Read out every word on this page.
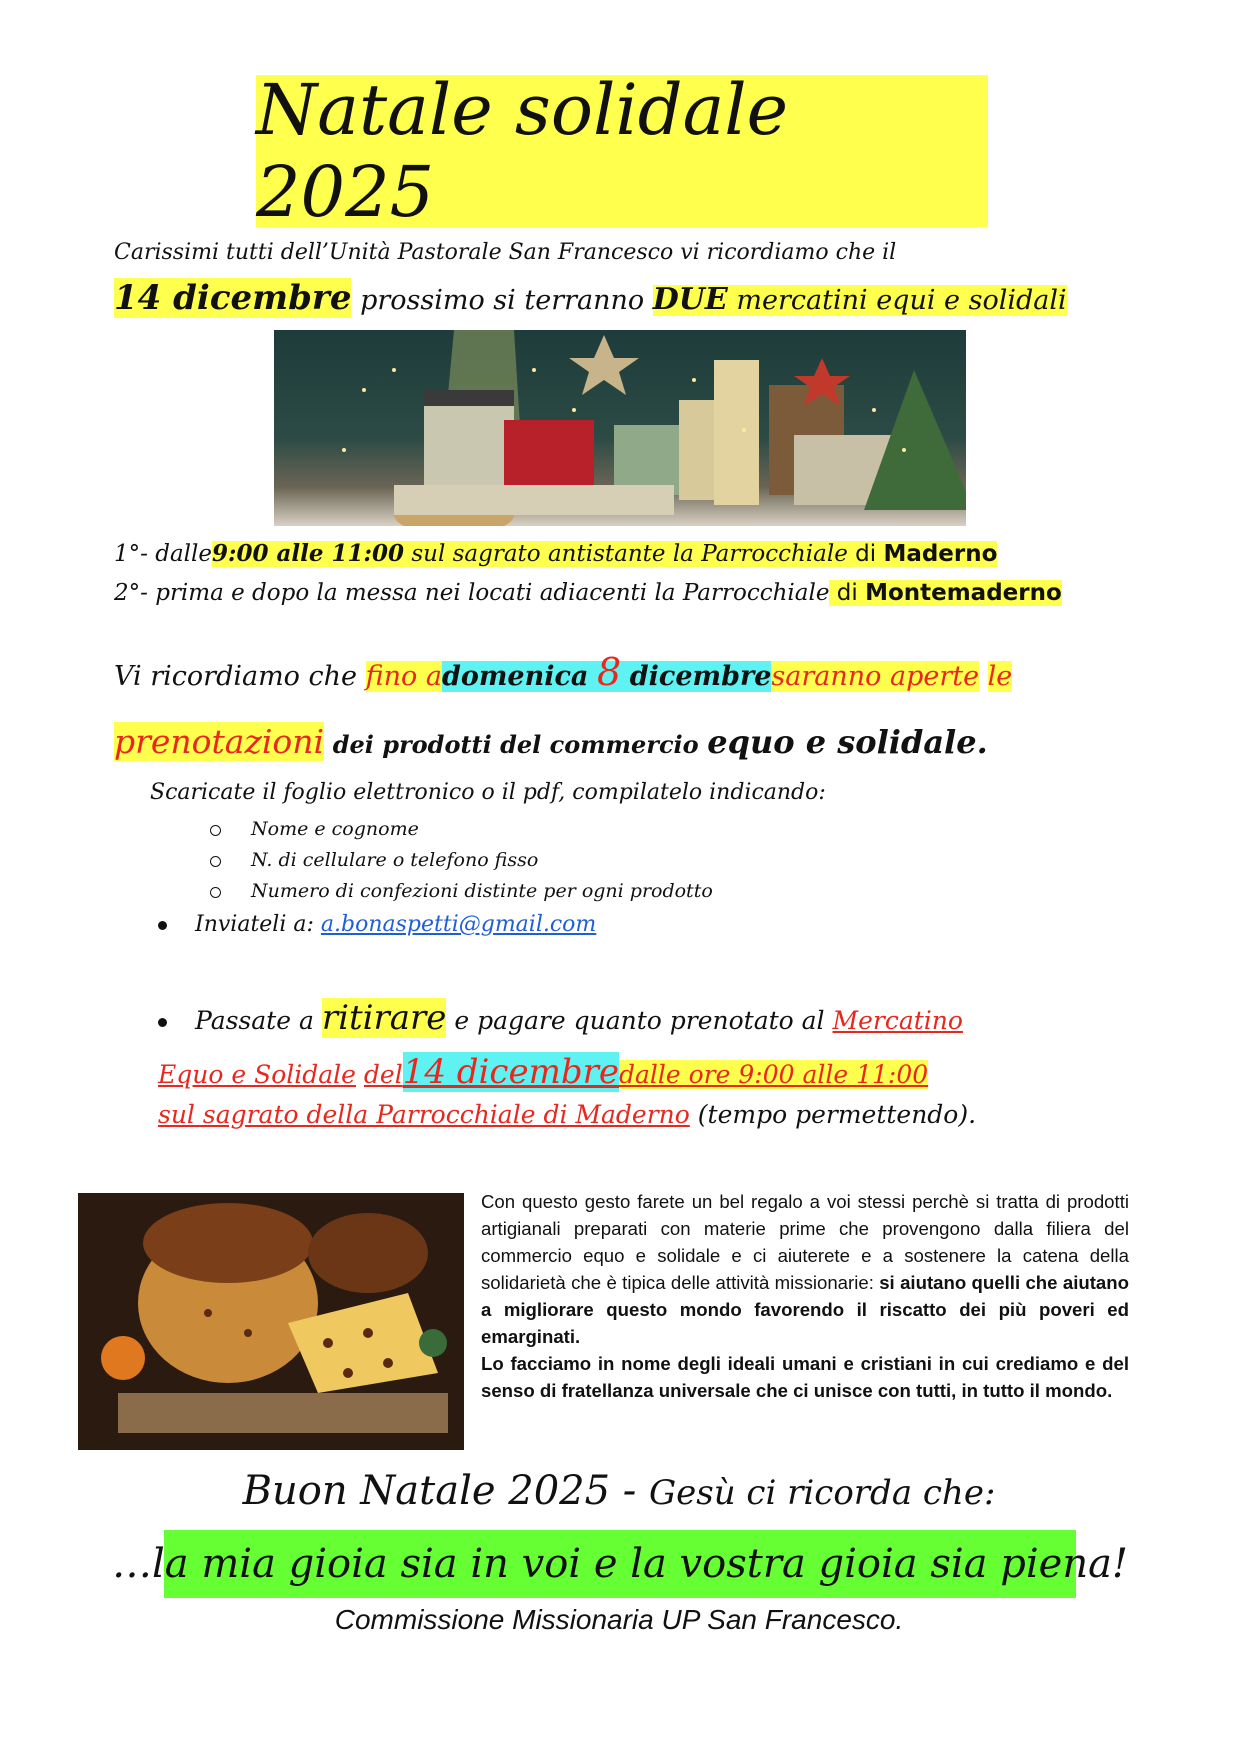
Natale solidale 2025
Carissimi tutti dell’Unità Pastorale San Francesco vi ricordiamo che il
14 dicembre prossimo si terranno DUE mercatini equi e solidali
1°- dalle9:00 alle 11:00 sul sagrato antistante la Parrocchiale di Maderno
2°- prima e dopo la messa nei locati adiacenti la Parrocchiale di Montemaderno
Vi ricordiamo che fino adomenica 8 dicembresaranno aperte le
prenotazioni dei prodotti del commercio equo e solidale.
Scaricate il foglio elettronico o il pdf, compilatelo indicando:
Nome e cognome
N. di cellulare o telefono fisso
Numero di confezioni distinte per ogni prodotto
Inviateli a: a.bonaspetti@gmail.com
Passate a ritirare e pagare quanto prenotato al Mercatino
Equo e Solidale del14 dicembredalle ore 9:00 alle 11:00
sul sagrato della Parrocchiale di Maderno (tempo permettendo).
Con questo gesto farete un bel regalo a voi stessi perchè si tratta di prodotti artigianali preparati con materie prime che provengono dalla filiera del commercio equo e solidale e ci aiuterete e a sostenere la catena della solidarietà che è tipica delle attività missionarie: si aiutano quelli che aiutano a migliorare questo mondo favorendo il riscatto dei più poveri ed emarginati.
Lo facciamo in nome degli ideali umani e cristiani in cui crediamo e del senso di fratellanza universale che ci unisce con tutti, in tutto il mondo.
Buon Natale 2025 - Gesù ci ricorda che:
…la mia gioia sia in voi e la vostra gioia sia piena!
Commissione Missionaria UP San Francesco.
